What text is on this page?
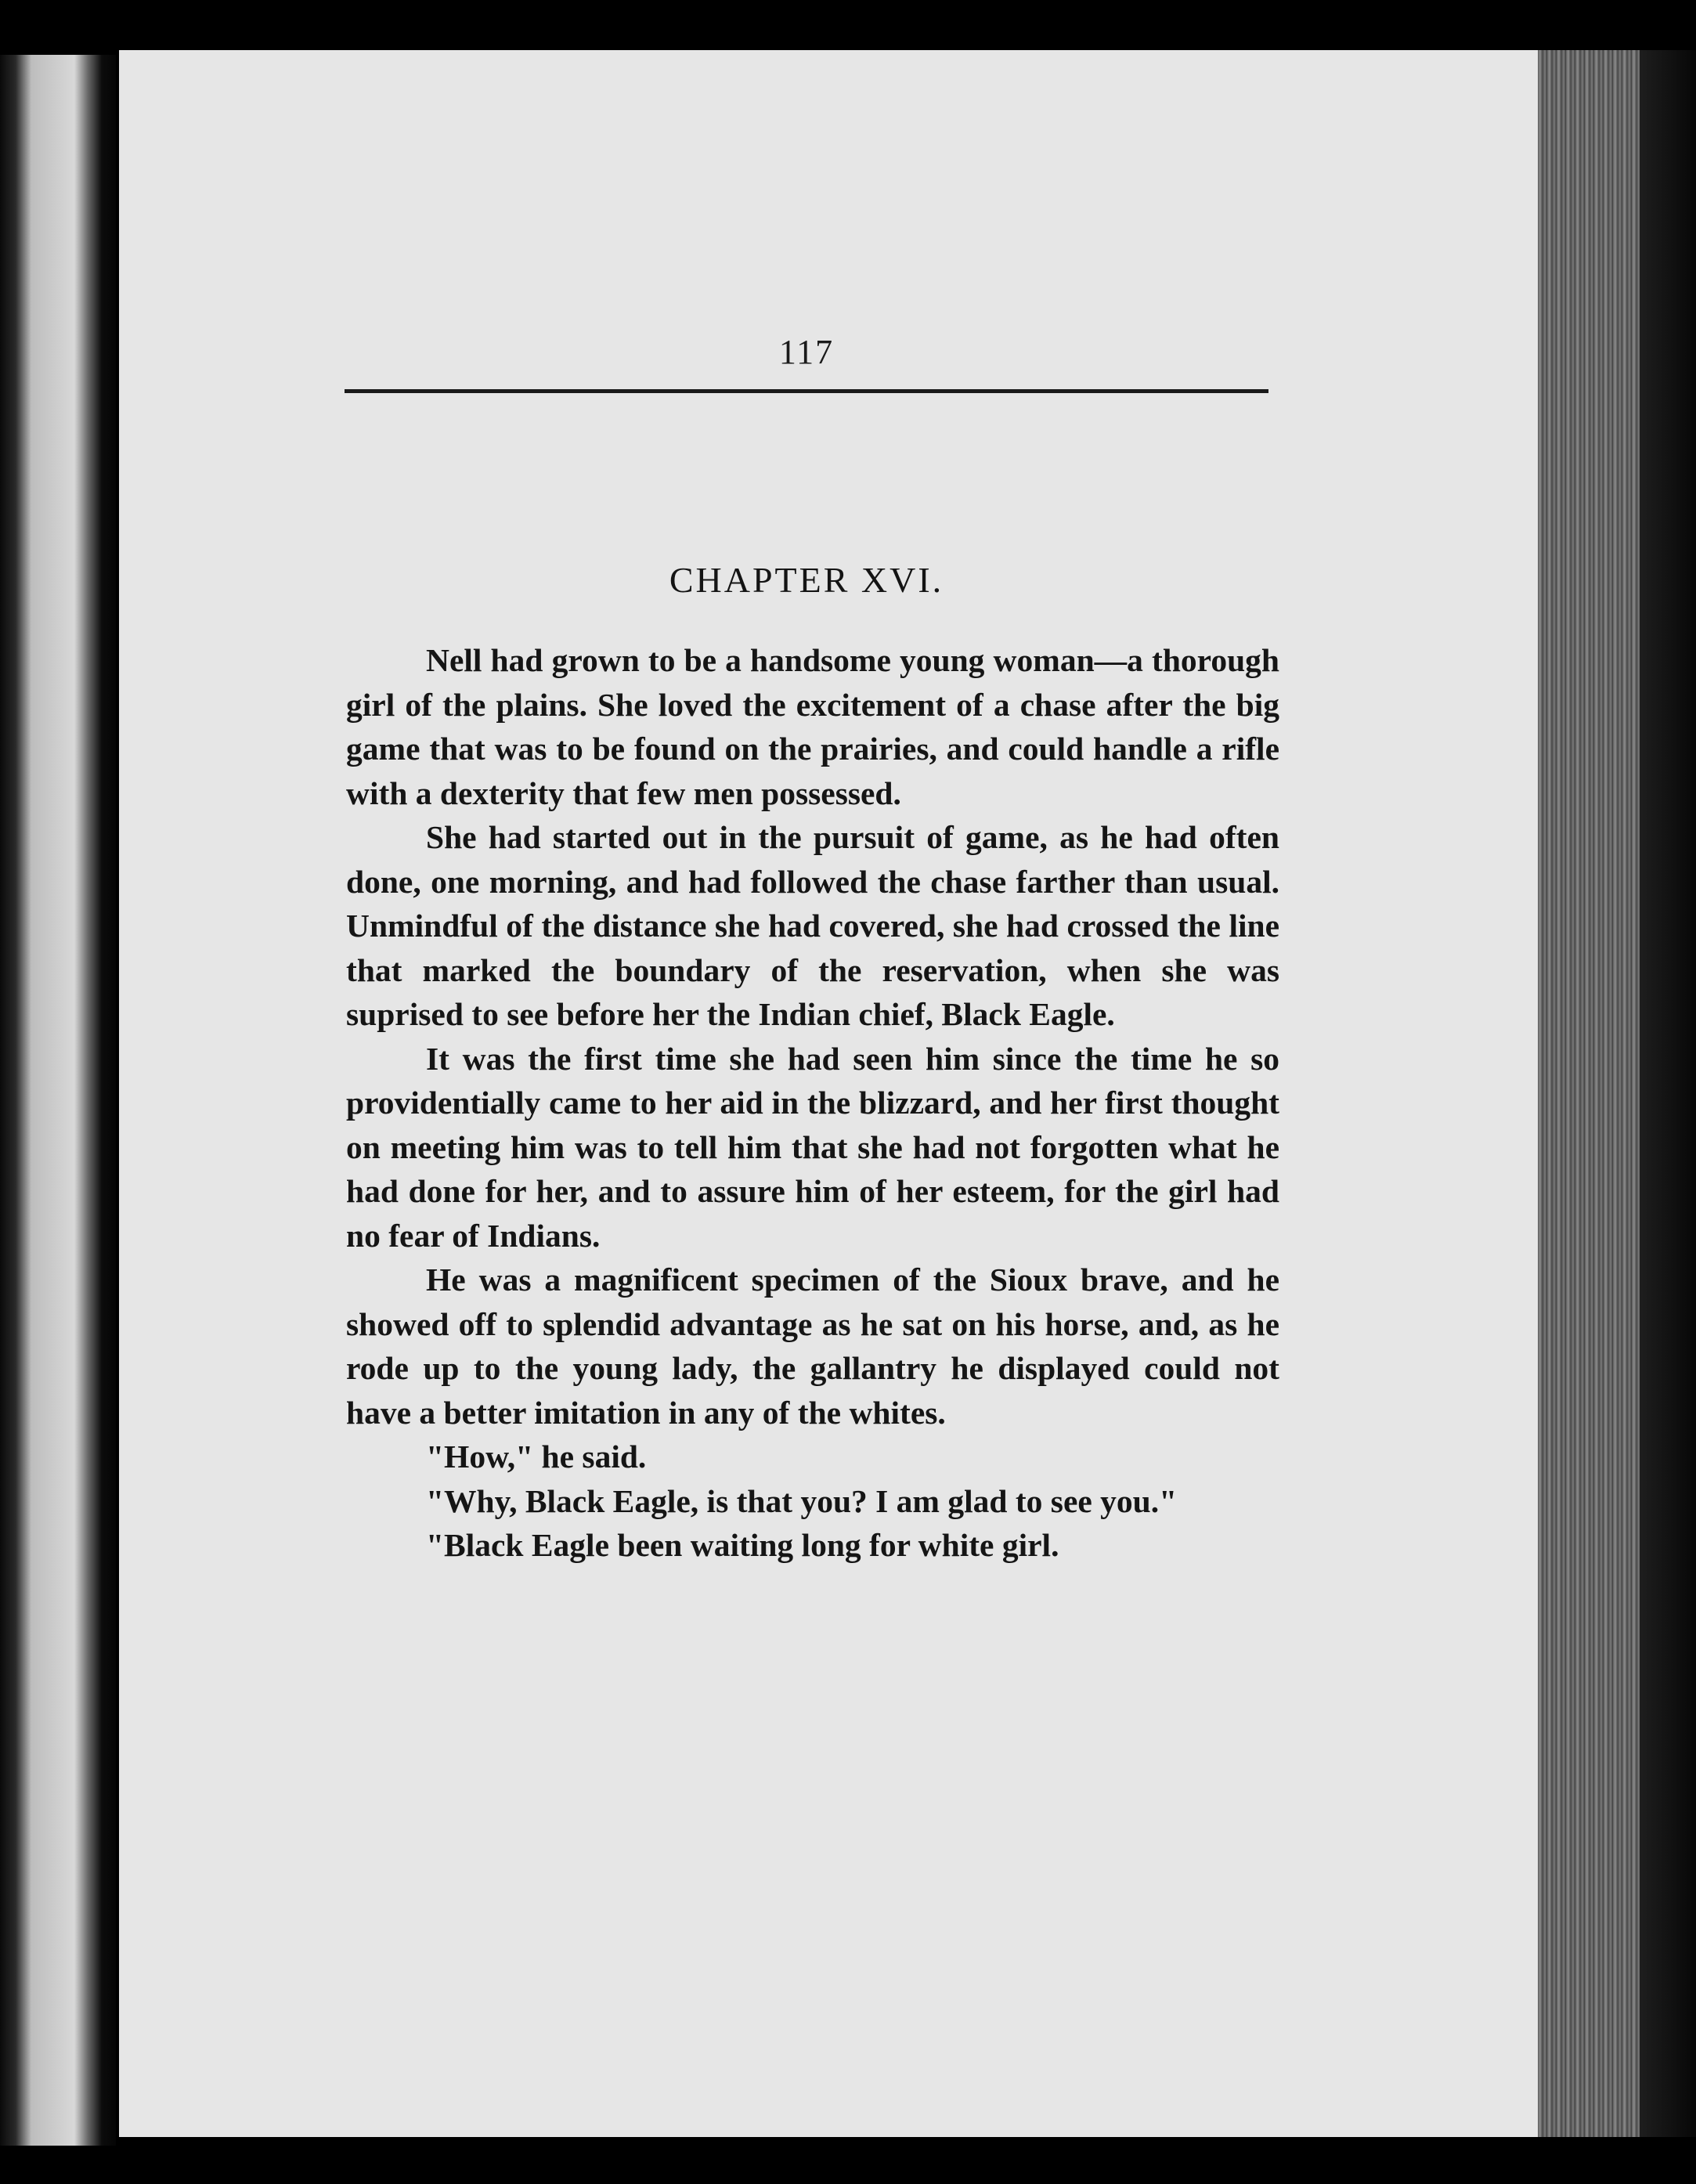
117
CHAPTER XVI.

Nell had grown to be a handsome young woman—a thorough girl of the plains. She loved the excitement of a chase after the big game that was to be found on the prairies, and could handle a rifle with a dexterity that few men possessed.

She had started out in the pursuit of game, as he had often done, one morning, and had followed the chase farther than usual. Unmindful of the distance she had covered, she had crossed the line that marked the boundary of the reservation, when she was suprised to see before her the Indian chief, Black Eagle.

It was the first time she had seen him since the time he so providentially came to her aid in the blizzard, and her first thought on meeting him was to tell him that she had not forgotten what he had done for her, and to assure him of her esteem, for the girl had no fear of Indians.

He was a magnificent specimen of the Sioux brave, and he showed off to splendid advantage as he sat on his horse, and, as he rode up to the young lady, the gallantry he displayed could not have a better imitation in any of the whites.

"How," he said.

"Why, Black Eagle, is that you? I am glad to see you."

"Black Eagle been waiting long for white girl.
